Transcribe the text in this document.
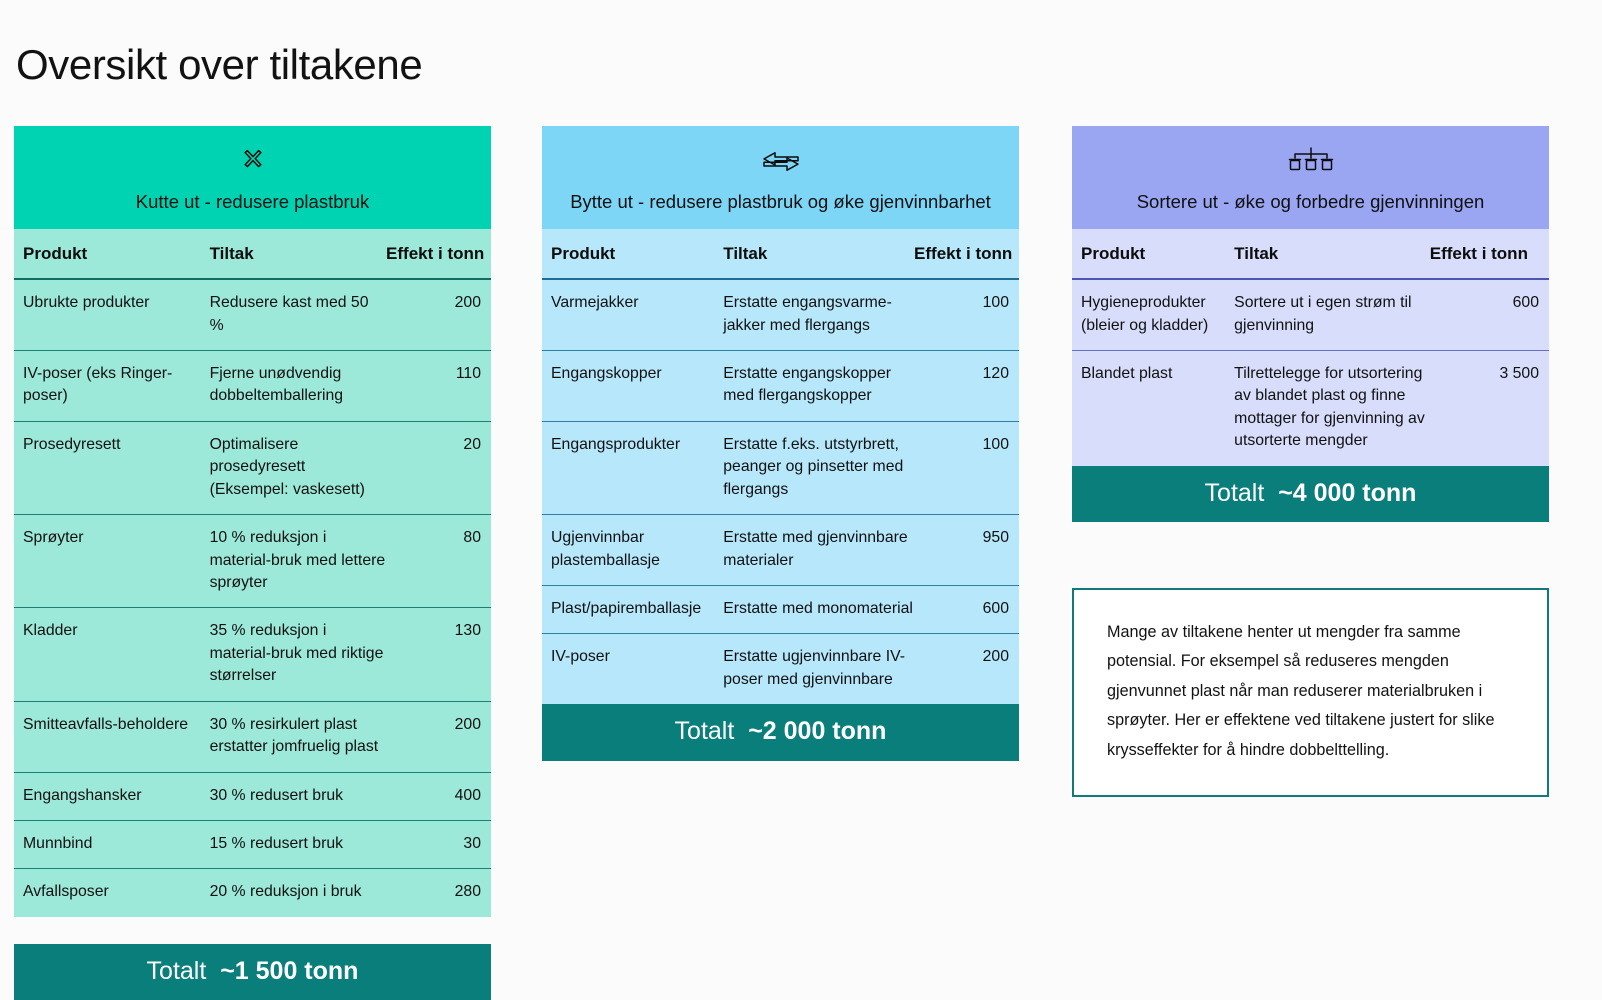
Oversikt over tiltakene
Kutte ut - redusere plastbruk
Produkt	Tiltak	Effekt i tonn
Ubrukte produkter	Redusere kast med 50 %	200
IV-poser (eks Ringer-poser)	Fjerne unødvendig dobbeltemballering	110
Prosedyresett	Optimalisere prosedyresett (Eksempel: vaskesett)	20
Sprøyter	10 % reduksjon i material-bruk med lettere sprøyter	80
Kladder	35 % reduksjon i material-bruk med riktige størrelser	130
Smitteavfalls-beholdere	30 % resirkulert plast erstatter jomfruelig plast	200
Engangshansker	30 % redusert bruk	400
Munnbind	15 % redusert bruk	30
Avfallsposer	20 % reduksjon i bruk	280
Totalt  ~1 500 tonn
Bytte ut - redusere plastbruk og øke gjenvinnbarhet
Produkt	Tiltak	Effekt i tonn
Varmejakker	Erstatte engangsvarme-jakker med flergangs	100
Engangskopper	Erstatte engangskopper med flergangskopper	120
Engangsprodukter	Erstatte f.eks. utstyrbrett, peanger og pinsetter med flergangs	100
Ugjenvinnbar plastemballasje	Erstatte med gjenvinnbare materialer	950
Plast/papiremballasje	Erstatte med monomaterial	600
IV-poser	Erstatte ugjenvinnbare IV-poser med gjenvinnbare	200
Totalt  ~2 000 tonn
Sortere ut - øke og forbedre gjenvinningen
Produkt	Tiltak	Effekt i tonn
Hygieneprodukter (bleier og kladder)	Sortere ut i egen strøm til gjenvinning	600
Blandet plast	Tilrettelegge for utsortering av blandet plast og finne mottager for gjenvinning av utsorterte mengder	3 500
Totalt  ~4 000 tonn

Mange av tiltakene henter ut mengder fra samme potensial. For eksempel så reduseres mengden gjenvunnet plast når man reduserer materialbruken i sprøyter. Her er effektene ved tiltakene justert for slike krysseffekter for å hindre dobbelttelling.
